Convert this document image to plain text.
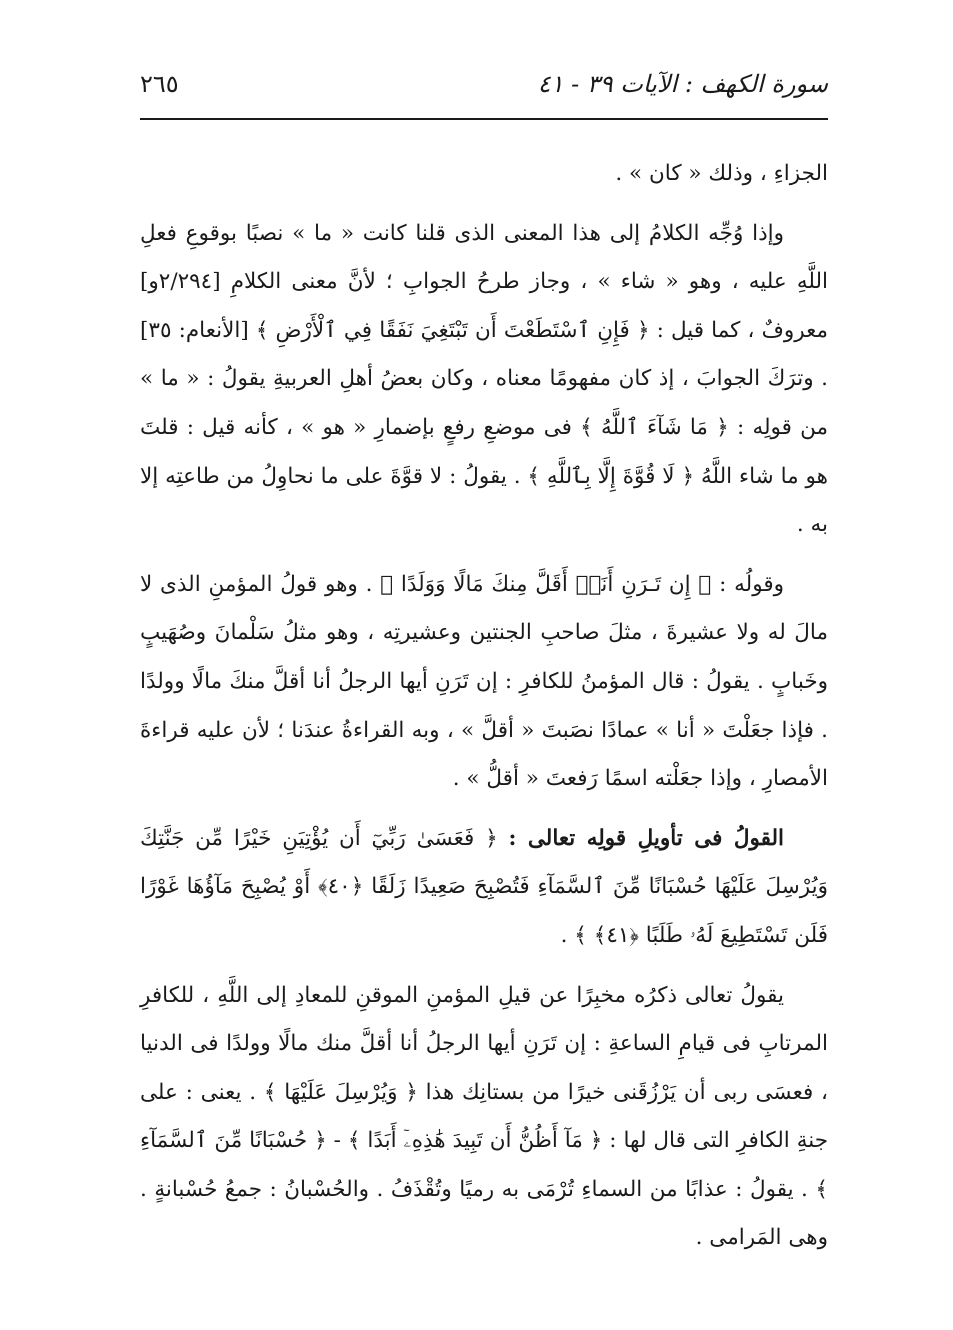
سورة الكهف : الآيات ٣٩ - ٤١
٢٦٥

الجزاءِ ، وذلك « كان » .

وإذا وُجِّه الكلامُ إلى هذا المعنى الذى قلنا كانت « ما » نصبًا بوقوعِ فعلِ اللَّهِ عليه ، وهو « شاء » ، وجاز طرحُ الجوابِ ؛ لأنَّ معنى الكلامِ [٢/٢٩٤و] معروفٌ ، كما قيل : ﴿ فَإِنِ ٱسْتَطَعْتَ أَن تَبْتَغِيَ نَفَقًا فِي ٱلْأَرْضِ ﴾ [الأنعام: ٣٥] . وترَكَ الجوابَ ، إذ كان مفهومًا معناه ، وكان بعضُ أهلِ العربيةِ يقولُ : « ما » من قولِه : ﴿ مَا شَآءَ ٱللَّهُ ﴾ فى موضعِ رفعٍ بإضمارِ « هو » ، كأنه قيل : قلتَ هو ما شاء اللَّهُ ﴿ لَا قُوَّةَ إِلَّا بِٱللَّهِ ﴾ . يقولُ : لا قوَّةَ على ما نحاوِلُ من طاعتِه إلا به .

وقولُه : ﴿ إِن تَـرَنِ أَنَا۠ أَقَلَّ مِنكَ مَالًا وَوَلَدًا ﴾ . وهو قولُ المؤمنِ الذى لا مالَ له ولا عشيرةَ ، مثلَ صاحبِ الجنتين وعشيرتِه ، وهو مثلُ سَلْمانَ وصُهَيبٍ وخَبابٍ . يقولُ : قال المؤمنُ للكافرِ : إن تَرَنِ أيها الرجلُ أنا أقلَّ منكَ مالًا وولدًا . فإذا جعَلْتَ « أنا » عمادًا نصَبتَ « أقلَّ » ، وبه القراءةُ عندَنا ؛ لأن عليه قراءةَ الأمصارِ ، وإذا جعَلْته اسمًا رَفعتَ « أقلُّ » .

القولُ فى تأويلِ قولِه تعالى : ﴿ فَعَسَىٰ رَبِّيٓ أَن يُؤْتِيَنِ خَيْرًا مِّن جَنَّتِكَ وَيُرْسِلَ عَلَيْهَا حُسْبَانًا مِّنَ ٱلسَّمَآءِ فَتُصْبِحَ صَعِيدًا زَلَقًا ﴿٤٠﴾ أَوْ يُصْبِحَ مَآؤُهَا غَوْرًا فَلَن تَسْتَطِيعَ لَهُۥ طَلَبًا ﴿٤١﴾ ﴾ .

يقولُ تعالى ذكرُه مخبِرًا عن قيلِ المؤمنِ الموقنِ للمعادِ إلى اللَّهِ ، للكافرِ المرتابِ فى قيامِ الساعةِ : إن تَرَنِ أيها الرجلُ أنا أقلَّ منك مالًا وولدًا فى الدنيا ، فعسَى ربى أن يَرْزُقَنى خيرًا من بستانِك هذا ﴿ وَيُرْسِلَ عَلَيْهَا ﴾ . يعنى : على جنةِ الكافرِ التى قال لها : ﴿ مَآ أَظُنُّ أَن تَبِيدَ هَٰذِهِۦٓ أَبَدًا ﴾ - ﴿ حُسْبَانًا مِّنَ ٱلسَّمَآءِ ﴾ . يقولُ : عذابًا من السماءِ تُرْمَى به رميًا وتُقْذَفُ . والحُسْبانُ : جمعُ حُسْبانةٍ . وهى المَرامى .
